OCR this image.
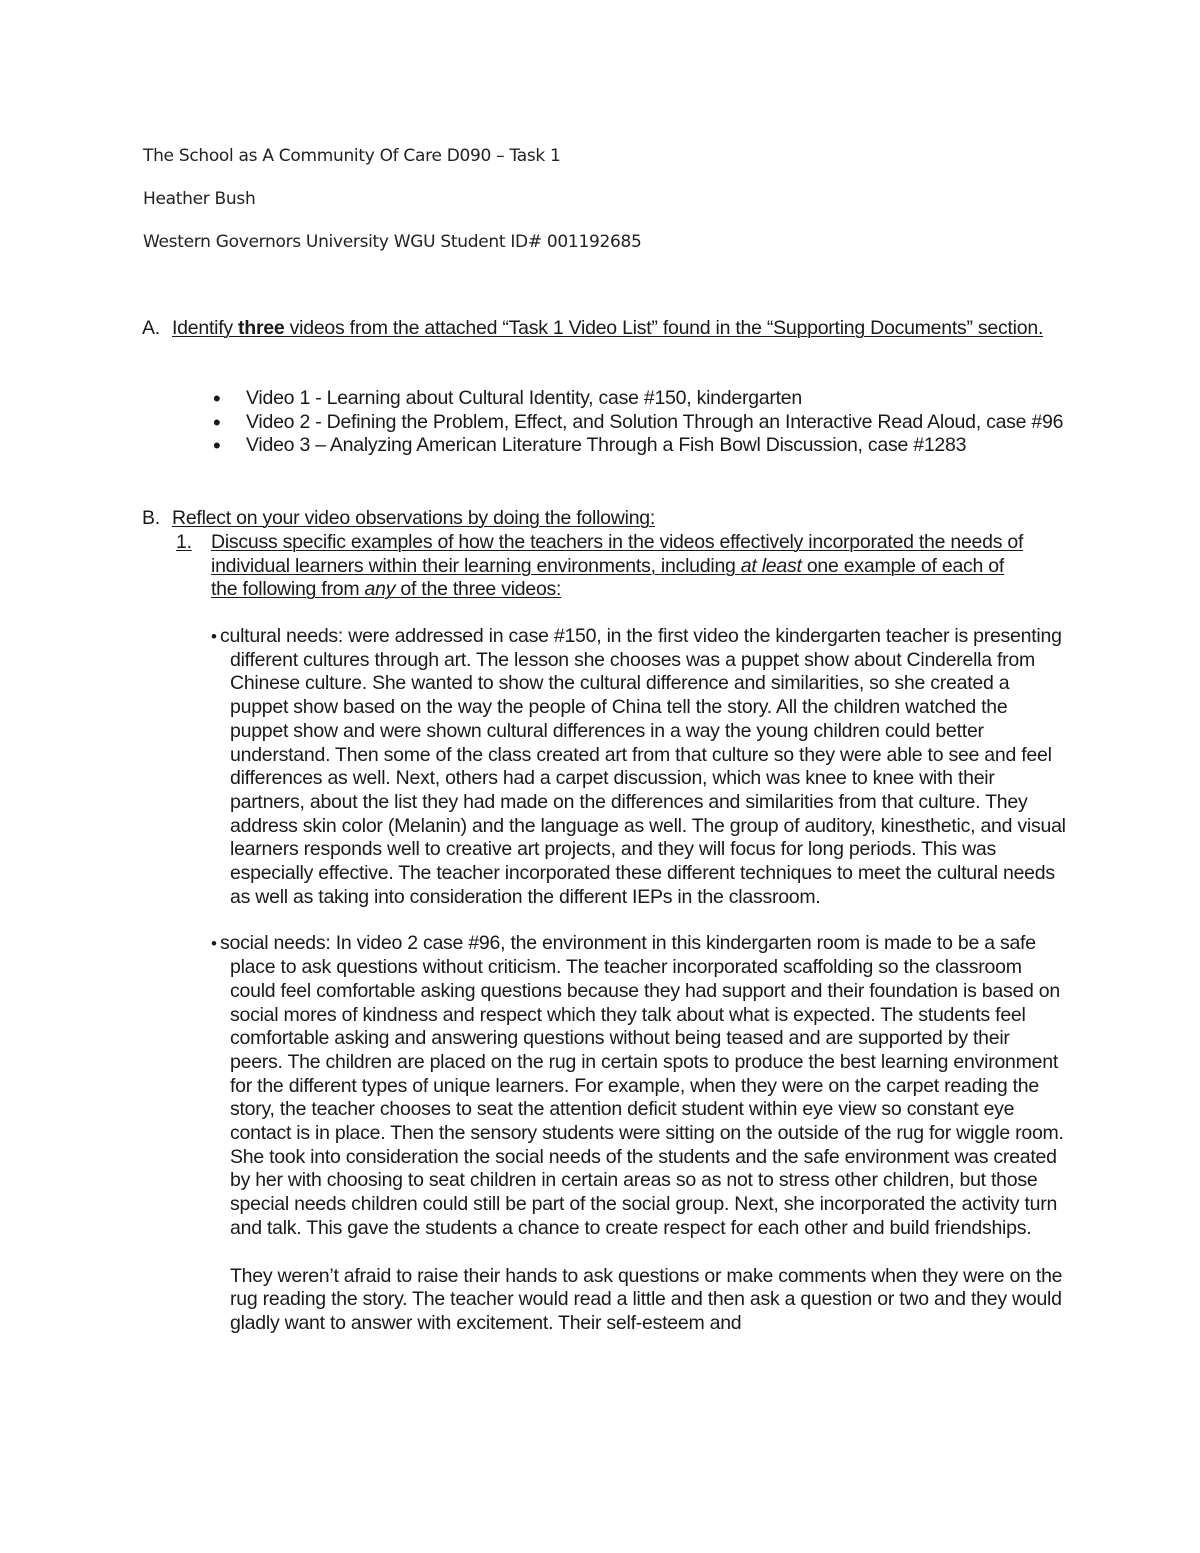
The School as A Community Of Care D090 – Task 1
Heather Bush
Western Governors University WGU Student ID# 001192685
A. Identify three videos from the attached “Task 1 Video List” found in the “Supporting Documents” section.
• Video 1 - Learning about Cultural Identity, case #150, kindergarten
• Video 2 - Defining the Problem, Effect, and Solution Through an Interactive Read Aloud, case #96
• Video 3 – Analyzing American Literature Through a Fish Bowl Discussion, case #1283
B. Reflect on your video observations by doing the following:
1. Discuss specific examples of how the teachers in the videos effectively incorporated the needs of individual learners within their learning environments, including at least one example of each of the following from any of the three videos:
• cultural needs: were addressed in case #150, in the first video the kindergarten teacher is presenting different cultures through art. The lesson she chooses was a puppet show about Cinderella from Chinese culture. She wanted to show the cultural difference and similarities, so she created a puppet show based on the way the people of China tell the story. All the children watched the puppet show and were shown cultural differences in a way the young children could better understand. Then some of the class created art from that culture so they were able to see and feel differences as well. Next, others had a carpet discussion, which was knee to knee with their partners, about the list they had made on the differences and similarities from that culture. They address skin color (Melanin) and the language as well. The group of auditory, kinesthetic, and visual learners responds well to creative art projects, and they will focus for long periods. This was especially effective. The teacher incorporated these different techniques to meet the cultural needs as well as taking into consideration the different IEPs in the classroom.

• social needs: In video 2 case #96, the environment in this kindergarten room is made to be a safe place to ask questions without criticism. The teacher incorporated scaffolding so the classroom could feel comfortable asking questions because they had support and their foundation is based on social mores of kindness and respect which they talk about what is expected. The students feel comfortable asking and answering questions without being teased and are supported by their peers. The children are placed on the rug in certain spots to produce the best learning environment for the different types of unique learners. For example, when they were on the carpet reading the story, the teacher chooses to seat the attention deficit student within eye view so constant eye contact is in place. Then the sensory students were sitting on the outside of the rug for wiggle room. She took into consideration the social needs of the students and the safe environment was created by her with choosing to seat children in certain areas so as not to stress other children, but those special needs children could still be part of the social group. Next, she incorporated the activity turn and talk. This gave the students a chance to create respect for each other and build friendships.

They weren’t afraid to raise their hands to ask questions or make comments when they were on the rug reading the story. The teacher would read a little and then ask a question or two and they would gladly want to answer with excitement. Their self-esteem and
